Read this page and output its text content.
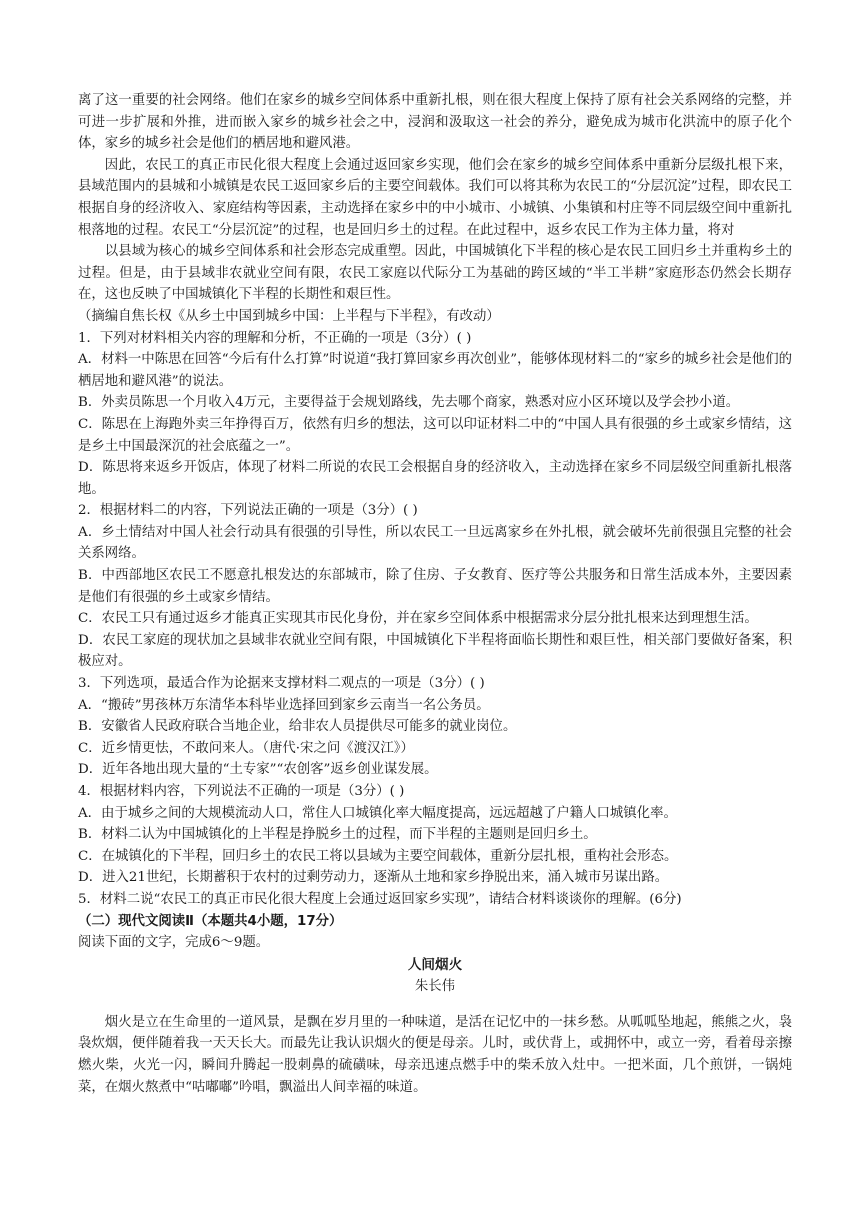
离了这一重要的社会网络。他们在家乡的城乡空间体系中重新扎根，则在很大程度上保持了原有社会关系网络的完整，并可进一步扩展和外推，进而嵌入家乡的城乡社会之中，浸润和汲取这一社会的养分，避免成为城市化洪流中的原子化个体，家乡的城乡社会是他们的栖居地和避风港。

因此，农民工的真正市民化很大程度上会通过返回家乡实现，他们会在家乡的城乡空间体系中重新分层级扎根下来，县域范围内的县城和小城镇是农民工返回家乡后的主要空间载体。我们可以将其称为农民工的“分层沉淀”过程，即农民工根据自身的经济收入、家庭结构等因素，主动选择在家乡中的中小城市、小城镇、小集镇和村庄等不同层级空间中重新扎根落地的过程。农民工“分层沉淀”的过程，也是回归乡土的过程。在此过程中，返乡农民工作为主体力量，将对

以县域为核心的城乡空间体系和社会形态完成重塑。因此，中国城镇化下半程的核心是农民工回归乡土并重构乡土的过程。但是，由于县域非农就业空间有限，农民工家庭以代际分工为基础的跨区域的“半工半耕”家庭形态仍然会长期存在，这也反映了中国城镇化下半程的长期性和艰巨性。

（摘编自焦长权《从乡土中国到城乡中国：上半程与下半程》，有改动）

1．下列对材料相关内容的理解和分析，不正确的一项是（3分）( )

A．材料一中陈思在回答“今后有什么打算”时说道“我打算回家乡再次创业”，能够体现材料二的“家乡的城乡社会是他们的栖居地和避风港”的说法。

B．外卖员陈思一个月收入4万元，主要得益于会规划路线，先去哪个商家，熟悉对应小区环境以及学会抄小道。

C．陈思在上海跑外卖三年挣得百万，依然有归乡的想法，这可以印证材料二中的“中国人具有很强的乡土或家乡情结，这是乡土中国最深沉的社会底蕴之一”。

D．陈思将来返乡开饭店，体现了材料二所说的农民工会根据自身的经济收入，主动选择在家乡不同层级空间重新扎根落地。

2．根据材料二的内容，下列说法正确的一项是（3分）( )

A．乡土情结对中国人社会行动具有很强的引导性，所以农民工一旦远离家乡在外扎根，就会破坏先前很强且完整的社会关系网络。

B．中西部地区农民工不愿意扎根发达的东部城市，除了住房、子女教育、医疗等公共服务和日常生活成本外，主要因素是他们有很强的乡土或家乡情结。

C．农民工只有通过返乡才能真正实现其市民化身份，并在家乡空间体系中根据需求分层分批扎根来达到理想生活。

D．农民工家庭的现状加之县域非农就业空间有限，中国城镇化下半程将面临长期性和艰巨性，相关部门要做好备案，积极应对。

3．下列选项，最适合作为论据来支撑材料二观点的一项是（3分）( )

A．“搬砖”男孩林万东清华本科毕业选择回到家乡云南当一名公务员。

B．安徽省人民政府联合当地企业，给非农人员提供尽可能多的就业岗位。

C．近乡情更怯，不敢问来人。（唐代·宋之问《渡汉江》）

D．近年各地出现大量的“土专家”“农创客”返乡创业谋发展。

4．根据材料内容，下列说法不正确的一项是（3分）( )

A．由于城乡之间的大规模流动人口，常住人口城镇化率大幅度提高，远远超越了户籍人口城镇化率。

B．材料二认为中国城镇化的上半程是挣脱乡土的过程，而下半程的主题则是回归乡土。

C．在城镇化的下半程，回归乡土的农民工将以县域为主要空间载体，重新分层扎根，重构社会形态。

D．进入21世纪，长期蓄积于农村的过剩劳动力，逐渐从土地和家乡挣脱出来，涌入城市另谋出路。

5．材料二说“农民工的真正市民化很大程度上会通过返回家乡实现”，请结合材料谈谈你的理解。(6分)

（二）现代文阅读Ⅱ（本题共4小题，17分）

阅读下面的文字，完成6～9题。

人间烟火

朱长伟

烟火是立在生命里的一道风景，是飘在岁月里的一种味道，是活在记忆中的一抹乡愁。从呱呱坠地起，熊熊之火，袅袅炊烟，便伴随着我一天天长大。而最先让我认识烟火的便是母亲。儿时，或伏背上，或拥怀中，或立一旁，看着母亲擦燃火柴，火光一闪，瞬间升腾起一股刺鼻的硫磺味，母亲迅速点燃手中的柴禾放入灶中。一把米面，几个煎饼，一锅炖菜，在烟火熬煮中“咕嘟嘟”吟唱，飘溢出人间幸福的味道。
